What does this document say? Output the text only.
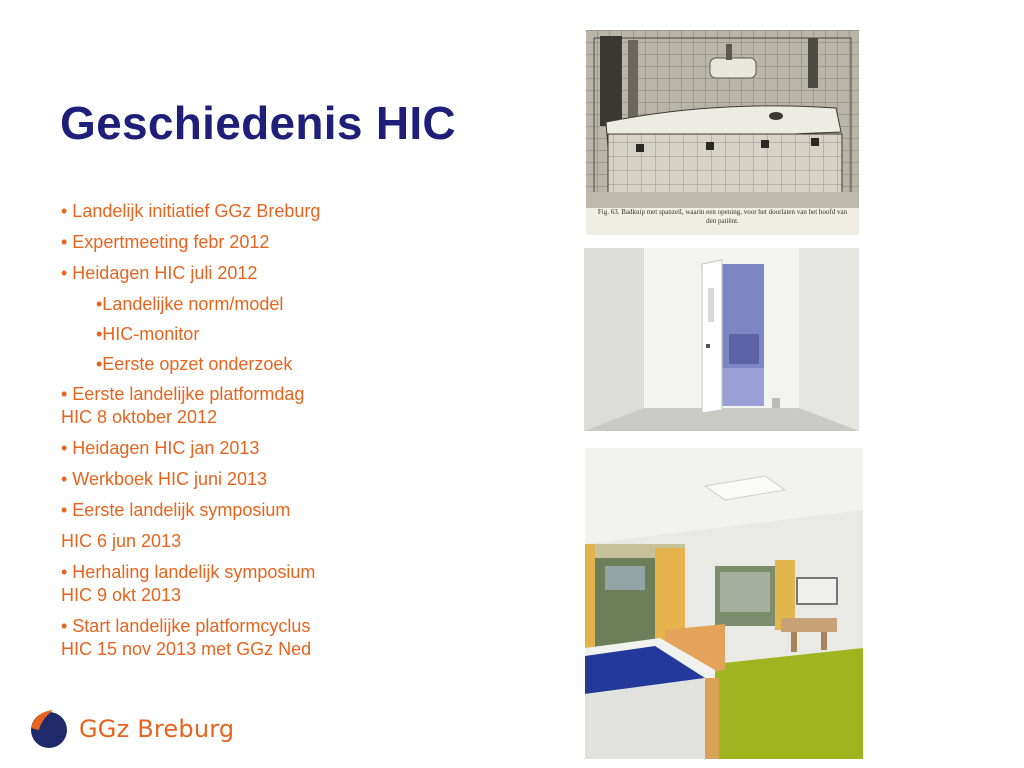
Geschiedenis HIC
• Landelijk initiatief GGz Breburg
• Expertmeeting febr 2012
• Heidagen HIC juli 2012
•Landelijke norm/model
•HIC-monitor
•Eerste opzet onderzoek
• Eerste landelijke platformdag
HIC 8 oktober 2012
• Heidagen HIC jan 2013
• Werkboek HIC juni 2013
• Eerste landelijk symposium
HIC 6 jun 2013
• Herhaling landelijk symposium
HIC 9 okt 2013
• Start landelijke platformcyclus
HIC 15 nov 2013 met GGz Ned
Fig. 63. Badkuip met spanzeil, waarin een opening, voor het doorlaten van het hoofd van den patiënt.
GGz Breburg
